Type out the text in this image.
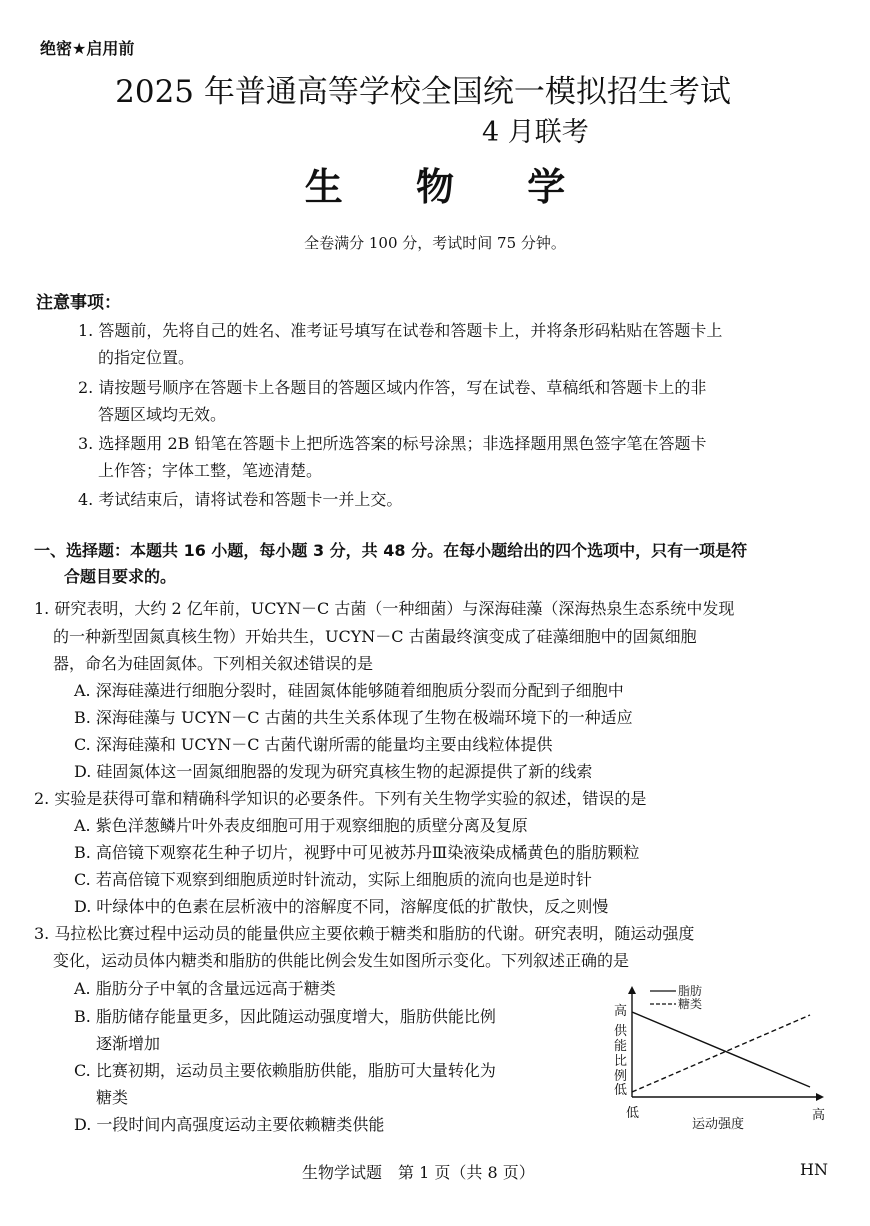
绝密★启用前
2025 年普通高等学校全国统一模拟招生考试
4 月联考
生 物 学
全卷满分 100 分，考试时间 75 分钟。
注意事项：
1. 答题前，先将自己的姓名、准考证号填写在试卷和答题卡上，并将条形码粘贴在答题卡上
的指定位置。
2. 请按题号顺序在答题卡上各题目的答题区域内作答，写在试卷、草稿纸和答题卡上的非
答题区域均无效。
3. 选择题用 2B 铅笔在答题卡上把所选答案的标号涂黑；非选择题用黑色签字笔在答题卡
上作答；字体工整，笔迹清楚。
4. 考试结束后，请将试卷和答题卡一并上交。
一、选择题：本题共 16 小题，每小题 3 分，共 48 分。在每小题给出的四个选项中，只有一项是符
合题目要求的。
1. 研究表明，大约 2 亿年前，UCYN－C 古菌（一种细菌）与深海硅藻（深海热泉生态系统中发现
的一种新型固氮真核生物）开始共生，UCYN－C 古菌最终演变成了硅藻细胞中的固氮细胞
器，命名为硅固氮体。下列相关叙述错误的是
A. 深海硅藻进行细胞分裂时，硅固氮体能够随着细胞质分裂而分配到子细胞中
B. 深海硅藻与 UCYN－C 古菌的共生关系体现了生物在极端环境下的一种适应
C. 深海硅藻和 UCYN－C 古菌代谢所需的能量均主要由线粒体提供
D. 硅固氮体这一固氮细胞器的发现为研究真核生物的起源提供了新的线索
2. 实验是获得可靠和精确科学知识的必要条件。下列有关生物学实验的叙述，错误的是
A. 紫色洋葱鳞片叶外表皮细胞可用于观察细胞的质壁分离及复原
B. 高倍镜下观察花生种子切片，视野中可见被苏丹Ⅲ染液染成橘黄色的脂肪颗粒
C. 若高倍镜下观察到细胞质逆时针流动，实际上细胞质的流向也是逆时针
D. 叶绿体中的色素在层析液中的溶解度不同，溶解度低的扩散快，反之则慢
3. 马拉松比赛过程中运动员的能量供应主要依赖于糖类和脂肪的代谢。研究表明，随运动强度
变化，运动员体内糖类和脂肪的供能比例会发生如图所示变化。下列叙述正确的是
A. 脂肪分子中氧的含量远远高于糖类
B. 脂肪储存能量更多，因此随运动强度增大，脂肪供能比例
逐渐增加
C. 比赛初期，运动员主要依赖脂肪供能，脂肪可大量转化为
糖类
D. 一段时间内高强度运动主要依赖糖类供能
高
低
供能比例
低	高
运动强度
脂肪
糖类
生物学试题　第 1 页（共 8 页）	HN
